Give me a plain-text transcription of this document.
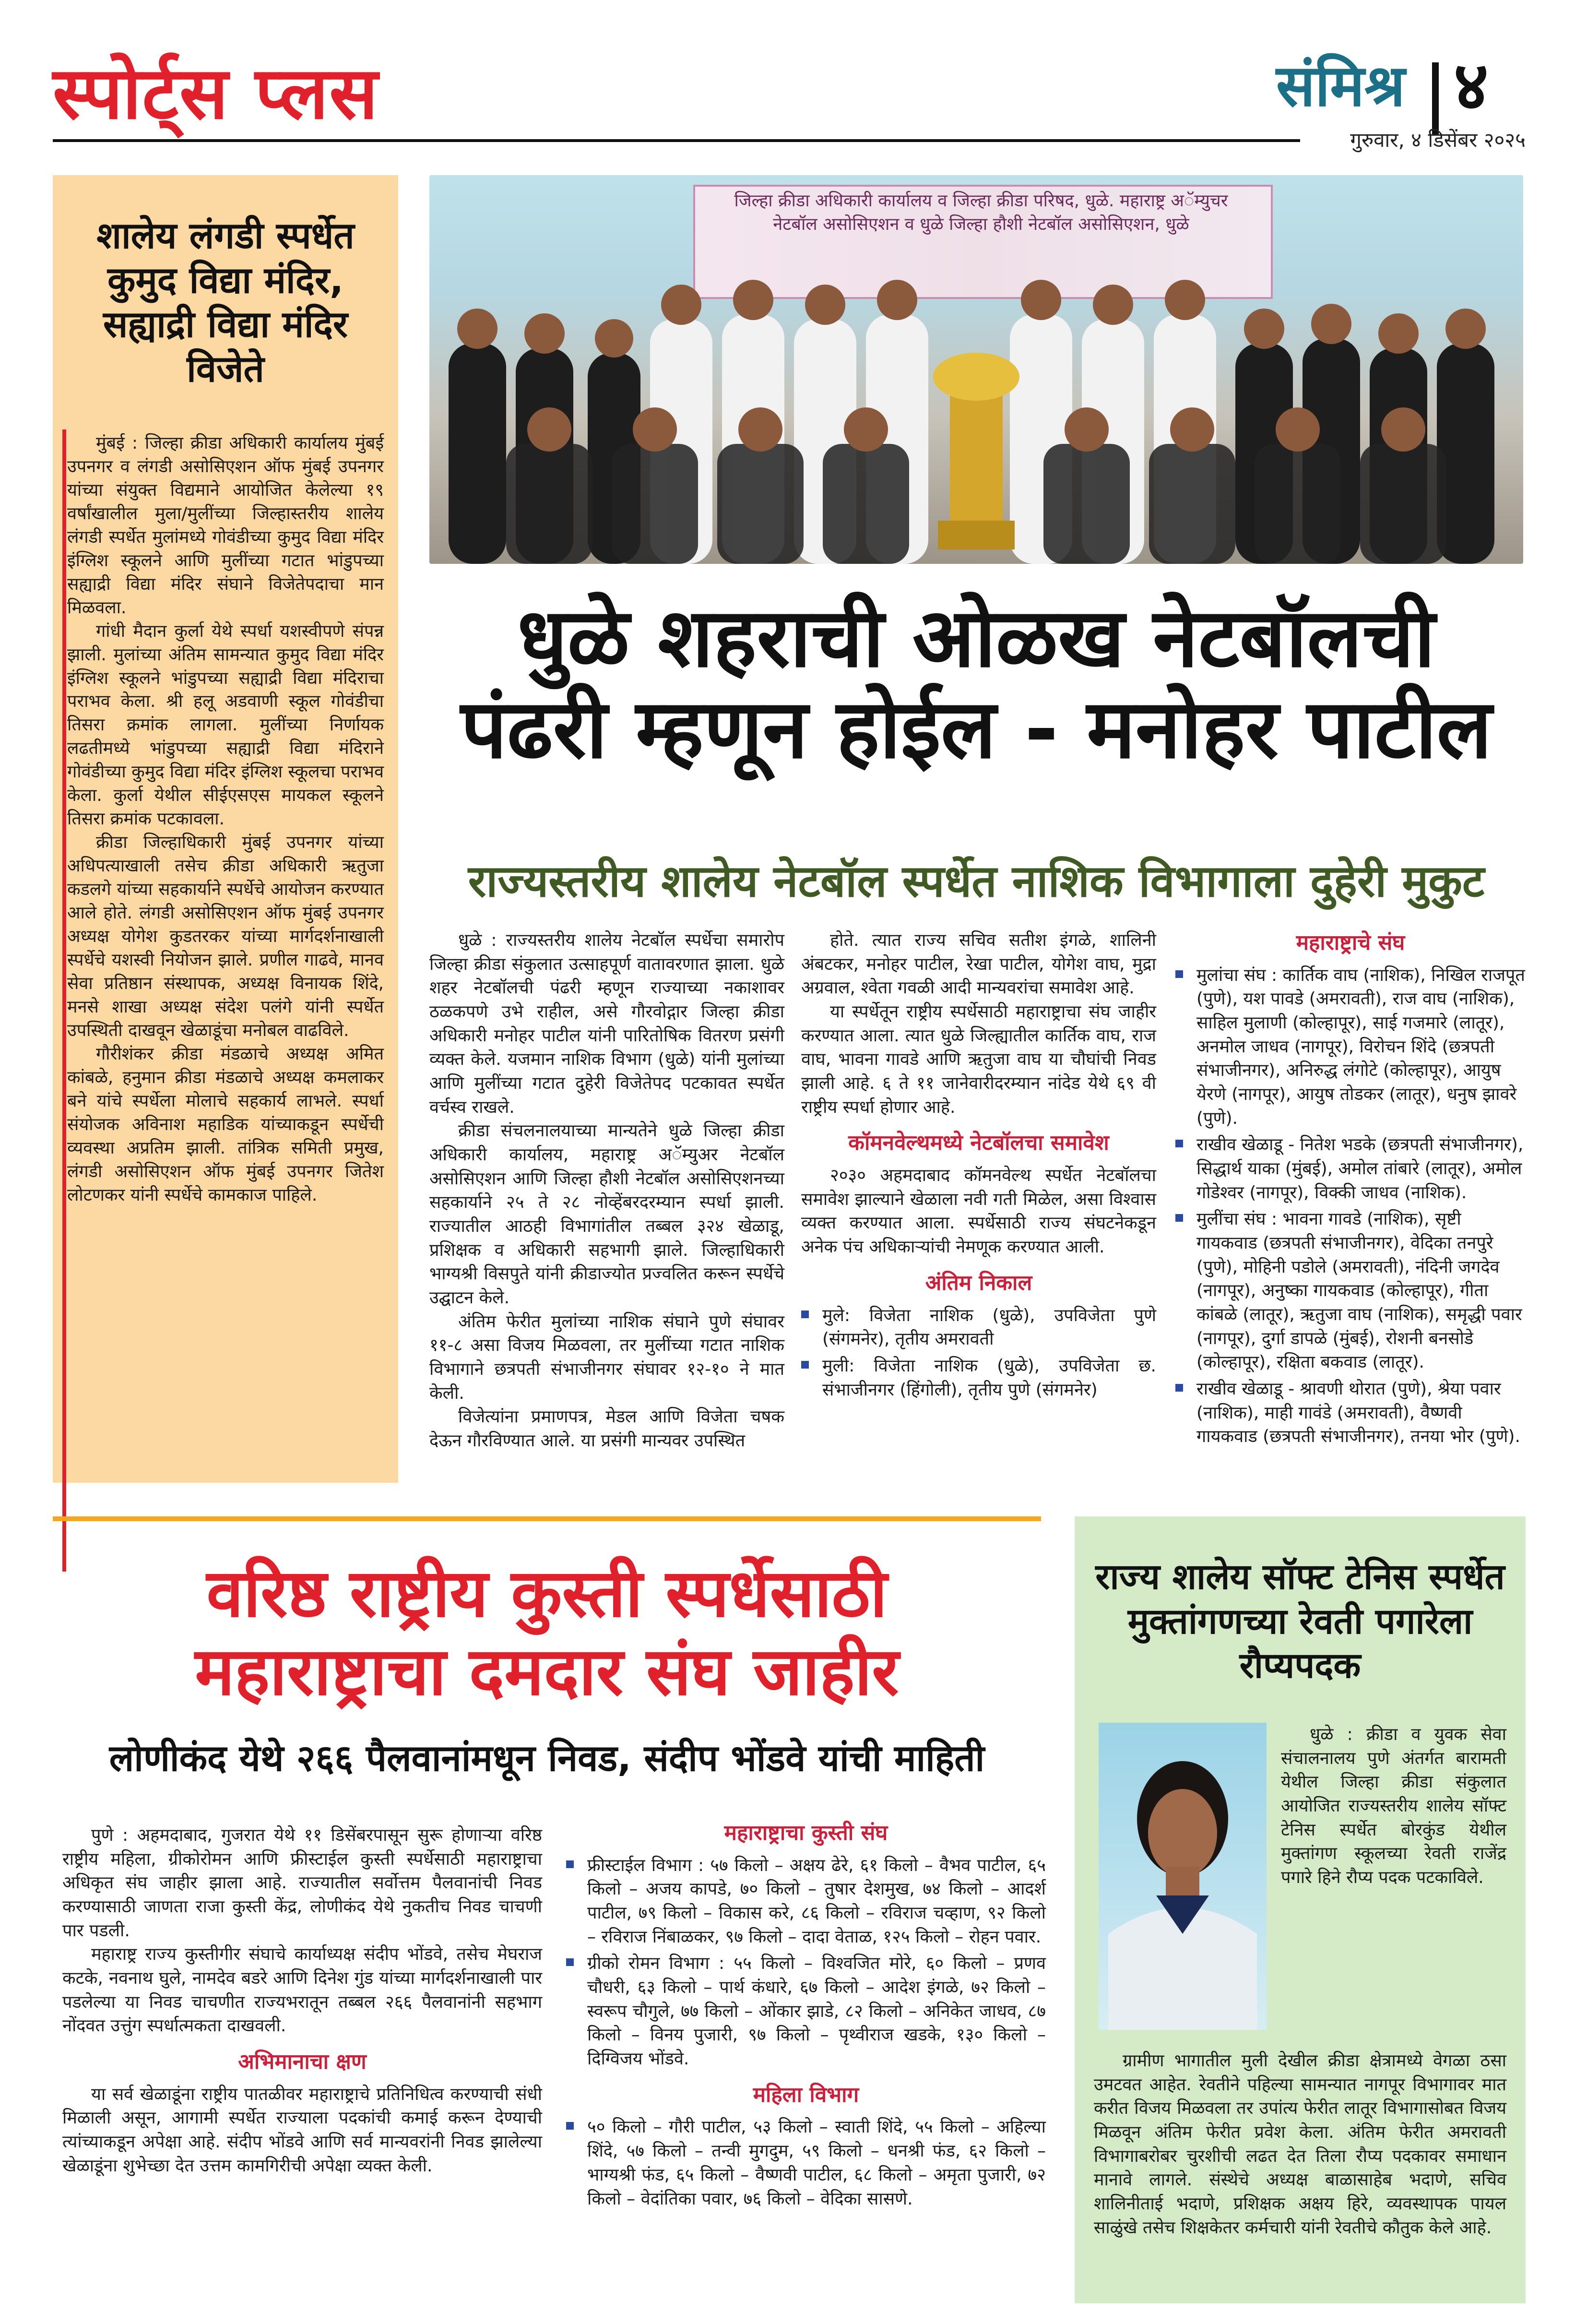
स्पोर्ट्स प्लस	संमिश्र ४
गुरुवार, ४ डिसेंबर २०२५
शालेय लंगडी स्पर्धेत कुमुद विद्या मंदिर, सह्याद्री विद्या मंदिर विजेते

मुंबई : जिल्हा क्रीडा अधिकारी कार्यालय मुंबई उपनगर व लंगडी असोसिएशन ऑफ मुंबई उपनगर यांच्या संयुक्त विद्यमाने आयोजित केलेल्या १९ वर्षांखालील मुला/मुलींच्या जिल्हास्तरीय शालेय लंगडी स्पर्धेत मुलांमध्ये गोवंडीच्या कुमुद विद्या मंदिर इंग्लिश स्कूलने आणि मुलींच्या गटात भांडुपच्या सह्याद्री विद्या मंदिर संघाने विजेतेपदाचा मान मिळवला.

गांधी मैदान कुर्ला येथे स्पर्धा यशस्वीपणे संपन्न झाली. मुलांच्या अंतिम सामन्यात कुमुद विद्या मंदिर इंग्लिश स्कूलने भांडुपच्या सह्याद्री विद्या मंदिराचा पराभव केला. श्री हलू अडवाणी स्कूल गोवंडीचा तिसरा क्रमांक लागला. मुलींच्या निर्णायक लढतीमध्ये भांडुपच्या सह्याद्री विद्या मंदिराने गोवंडीच्या कुमुद विद्या मंदिर इंग्लिश स्कूलचा पराभव केला. कुर्ला येथील सीईएसएस मायकल स्कूलने तिसरा क्रमांक पटकावला.

क्रीडा जिल्हाधिकारी मुंबई उपनगर यांच्या अधिपत्याखाली तसेच क्रीडा अधिकारी ऋतुजा कडलगे यांच्या सहकार्याने स्पर्धेचे आयोजन करण्यात आले होते. लंगडी असोसिएशन ऑफ मुंबई उपनगर अध्यक्ष योगेश कुडतरकर यांच्या मार्गदर्शनाखाली स्पर्धेचे यशस्वी नियोजन झाले. प्रणील गाढवे, मानव सेवा प्रतिष्ठान संस्थापक, अध्यक्ष विनायक शिंदे, मनसे शाखा अध्यक्ष संदेश पलंगे यांनी स्पर्धेत उपस्थिती दाखवून खेळाडूंचा मनोबल वाढविले.

गौरीशंकर क्रीडा मंडळाचे अध्यक्ष अमित कांबळे, हनुमान क्रीडा मंडळाचे अध्यक्ष कमलाकर बने यांचे स्पर्धेला मोलाचे सहकार्य लाभले. स्पर्धा संयोजक अविनाश महाडिक यांच्याकडून स्पर्धेची व्यवस्था अप्रतिम झाली. तांत्रिक समिती प्रमुख, लंगडी असोसिएशन ऑफ मुंबई उपनगर जितेश लोटणकर यांनी स्पर्धेचे कामकाज पाहिले.

जिल्हा क्रीडा अधिकारी कार्यालय व जिल्हा क्रीडा परिषद, धुळे. महाराष्ट्र अॅम्युचर नेटबॉल असोसिएशन व धुळे जिल्हा हौशी नेटबॉल असोसिएशन, धुळे
धुळे शहराची ओळख नेटबॉलची
पंढरी म्हणून होईल - मनोहर पाटील
राज्यस्तरीय शालेय नेटबॉल स्पर्धेत नाशिक विभागाला दुहेरी मुकुट

धुळे : राज्यस्तरीय शालेय नेटबॉल स्पर्धेचा समारोप जिल्हा क्रीडा संकुलात उत्साहपूर्ण वातावरणात झाला. धुळे शहर नेटबॉलची पंढरी म्हणून राज्याच्या नकाशावर ठळकपणे उभे राहील, असे गौरवोद्गार जिल्हा क्रीडा अधिकारी मनोहर पाटील यांनी पारितोषिक वितरण प्रसंगी व्यक्त केले. यजमान नाशिक विभाग (धुळे) यांनी मुलांच्या आणि मुलींच्या गटात दुहेरी विजेतेपद पटकावत स्पर्धेत वर्चस्व राखले.

क्रीडा संचलनालयाच्या मान्यतेने धुळे जिल्हा क्रीडा अधिकारी कार्यालय, महाराष्ट्र अॅम्युअर नेटबॉल असोसिएशन आणि जिल्हा हौशी नेटबॉल असोसिएशनच्या सहकार्याने २५ ते २८ नोव्हेंबरदरम्यान स्पर्धा झाली. राज्यातील आठही विभागांतील तब्बल ३२४ खेळाडू, प्रशिक्षक व अधिकारी सहभागी झाले. जिल्हाधिकारी भाग्यश्री विसपुते यांनी क्रीडाज्योत प्रज्वलित करून स्पर्धेचे उद्घाटन केले.

अंतिम फेरीत मुलांच्या नाशिक संघाने पुणे संघावर ११-८ असा विजय मिळवला, तर मुलींच्या गटात नाशिक विभागाने छत्रपती संभाजीनगर संघावर १२-१० ने मात केली.

विजेत्यांना प्रमाणपत्र, मेडल आणि विजेता चषक देऊन गौरविण्यात आले. या प्रसंगी मान्यवर उपस्थित

होते. त्यात राज्य सचिव सतीश इंगळे, शालिनी अंबटकर, मनोहर पाटील, रेखा पाटील, योगेश वाघ, मुद्रा अग्रवाल, श्वेता गवळी आदी मान्यवरांचा समावेश आहे.

या स्पर्धेतून राष्ट्रीय स्पर्धेसाठी महाराष्ट्राचा संघ जाहीर करण्यात आला. त्यात धुळे जिल्ह्यातील कार्तिक वाघ, राज वाघ, भावना गावडे आणि ऋतुजा वाघ या चौघांची निवड झाली आहे. ६ ते ११ जानेवारीदरम्यान नांदेड येथे ६९ वी राष्ट्रीय स्पर्धा होणार आहे.

कॉमनवेल्थमध्ये नेटबॉलचा समावेश

२०३० अहमदाबाद कॉमनवेल्थ स्पर्धेत नेटबॉलचा समावेश झाल्याने खेळाला नवी गती मिळेल, असा विश्वास व्यक्त करण्यात आला. स्पर्धेसाठी राज्य संघटनेकडून अनेक पंच अधिकाऱ्यांची नेमणूक करण्यात आली.

अंतिम निकाल
मुले: विजेता नाशिक (धुळे), उपविजेता पुणे (संगमनेर), तृतीय अमरावती
मुली: विजेता नाशिक (धुळे), उपविजेता छ. संभाजीनगर (हिंगोली), तृतीय पुणे (संगमनेर)
महाराष्ट्राचे संघ
मुलांचा संघ : कार्तिक वाघ (नाशिक), निखिल राजपूत (पुणे), यश पावडे (अमरावती), राज वाघ (नाशिक), साहिल मुलाणी (कोल्हापूर), साई गजमारे (लातूर), अनमोल जाधव (नागपूर), विरोचन शिंदे (छत्रपती संभाजीनगर), अनिरुद्ध लंगोटे (कोल्हापूर), आयुष येरणे (नागपूर), आयुष तोडकर (लातूर), धनुष झावरे (पुणे).
राखीव खेळाडू - नितेश भडके (छत्रपती संभाजीनगर), सिद्धार्थ याका (मुंबई), अमोल तांबारे (लातूर), अमोल गोडेश्वर (नागपूर), विक्की जाधव (नाशिक).
मुलींचा संघ : भावना गावडे (नाशिक), सृष्टी गायकवाड (छत्रपती संभाजीनगर), वेदिका तनपुरे (पुणे), मोहिनी पडोले (अमरावती), नंदिनी जगदेव (नागपूर), अनुष्का गायकवाड (कोल्हापूर), गीता कांबळे (लातूर), ऋतुजा वाघ (नाशिक), समृद्धी पवार (नागपूर), दुर्गा डापळे (मुंबई), रोशनी बनसोडे (कोल्हापूर), रक्षिता बकवाड (लातूर).
राखीव खेळाडू - श्रावणी थोरात (पुणे), श्रेया पवार (नाशिक), माही गावंडे (अमरावती), वैष्णवी गायकवाड (छत्रपती संभाजीनगर), तनया भोर (पुणे).
वरिष्ठ राष्ट्रीय कुस्ती स्पर्धेसाठी
महाराष्ट्राचा दमदार संघ जाहीर
लोणीकंद येथे २६६ पैलवानांमधून निवड, संदीप भोंडवे यांची माहिती

पुणे : अहमदाबाद, गुजरात येथे ११ डिसेंबरपासून सुरू होणाऱ्या वरिष्ठ राष्ट्रीय महिला, ग्रीकोरोमन आणि फ्रीस्टाईल कुस्ती स्पर्धेसाठी महाराष्ट्राचा अधिकृत संघ जाहीर झाला आहे. राज्यातील सर्वोत्तम पैलवानांची निवड करण्यासाठी जाणता राजा कुस्ती केंद्र, लोणीकंद येथे नुकतीच निवड चाचणी पार पडली.

महाराष्ट्र राज्य कुस्तीगीर संघाचे कार्याध्यक्ष संदीप भोंडवे, तसेच मेघराज कटके, नवनाथ घुले, नामदेव बडरे आणि दिनेश गुंड यांच्या मार्गदर्शनाखाली पार पडलेल्या या निवड चाचणीत राज्यभरातून तब्बल २६६ पैलवानांनी सहभाग नोंदवत उत्तुंग स्पर्धात्मकता दाखवली.

अभिमानाचा क्षण

या सर्व खेळाडूंना राष्ट्रीय पातळीवर महाराष्ट्राचे प्रतिनिधित्व करण्याची संधी मिळाली असून, आगामी स्पर्धेत राज्याला पदकांची कमाई करून देण्याची त्यांच्याकडून अपेक्षा आहे. संदीप भोंडवे आणि सर्व मान्यवरांनी निवड झालेल्या खेळाडूंना शुभेच्छा देत उत्तम कामगिरीची अपेक्षा व्यक्त केली.

महाराष्ट्राचा कुस्ती संघ
फ्रीस्टाईल विभाग : ५७ किलो – अक्षय ढेरे, ६१ किलो – वैभव पाटील, ६५ किलो – अजय कापडे, ७० किलो – तुषार देशमुख, ७४ किलो – आदर्श पाटील, ७९ किलो – विकास करे, ८६ किलो – रविराज चव्हाण, ९२ किलो – रविराज निंबाळकर, ९७ किलो – दादा वेताळ, १२५ किलो – रोहन पवार.
ग्रीको रोमन विभाग : ५५ किलो – विश्वजित मोरे, ६० किलो – प्रणव चौधरी, ६३ किलो – पार्थ कंधारे, ६७ किलो – आदेश इंगळे, ७२ किलो – स्वरूप चौगुले, ७७ किलो – ओंकार झाडे, ८२ किलो – अनिकेत जाधव, ८७ किलो – विनय पुजारी, ९७ किलो – पृथ्वीराज खडके, १३० किलो – दिग्विजय भोंडवे.
महिला विभाग
५० किलो – गौरी पाटील, ५३ किलो – स्वाती शिंदे, ५५ किलो – अहिल्या शिंदे, ५७ किलो – तन्वी मुगदुम, ५९ किलो – धनश्री फंड, ६२ किलो – भाग्यश्री फंड, ६५ किलो – वैष्णवी पाटील, ६८ किलो – अमृता पुजारी, ७२ किलो – वेदांतिका पवार, ७६ किलो – वेदिका सासणे.
राज्य शालेय सॉफ्ट टेनिस स्पर्धेत मुक्तांगणच्या रेवती पगारेला रौप्यपदक

धुळे : क्रीडा व युवक सेवा संचालनालय पुणे अंतर्गत बारामती येथील जिल्हा क्रीडा संकुलात आयोजित राज्यस्तरीय शालेय सॉफ्ट टेनिस स्पर्धेत बोरकुंड येथील मुक्तांगण स्कूलच्या रेवती राजेंद्र पगारे हिने रौप्य पदक पटकाविले.

ग्रामीण भागातील मुली देखील क्रीडा क्षेत्रामध्ये वेगळा ठसा उमटवत आहेत. रेवतीने पहिल्या सामन्यात नागपूर विभागावर मात करीत विजय मिळवला तर उपांत्य फेरीत लातूर विभागासोबत विजय मिळवून अंतिम फेरीत प्रवेश केला. अंतिम फेरीत अमरावती विभागाबरोबर चुरशीची लढत देत तिला रौप्य पदकावर समाधान मानावे लागले. संस्थेचे अध्यक्ष बाळासाहेब भदाणे, सचिव शालिनीताई भदाणे, प्रशिक्षक अक्षय हिरे, व्यवस्थापक पायल साळुंखे तसेच शिक्षकेतर कर्मचारी यांनी रेवतीचे कौतुक केले आहे.
